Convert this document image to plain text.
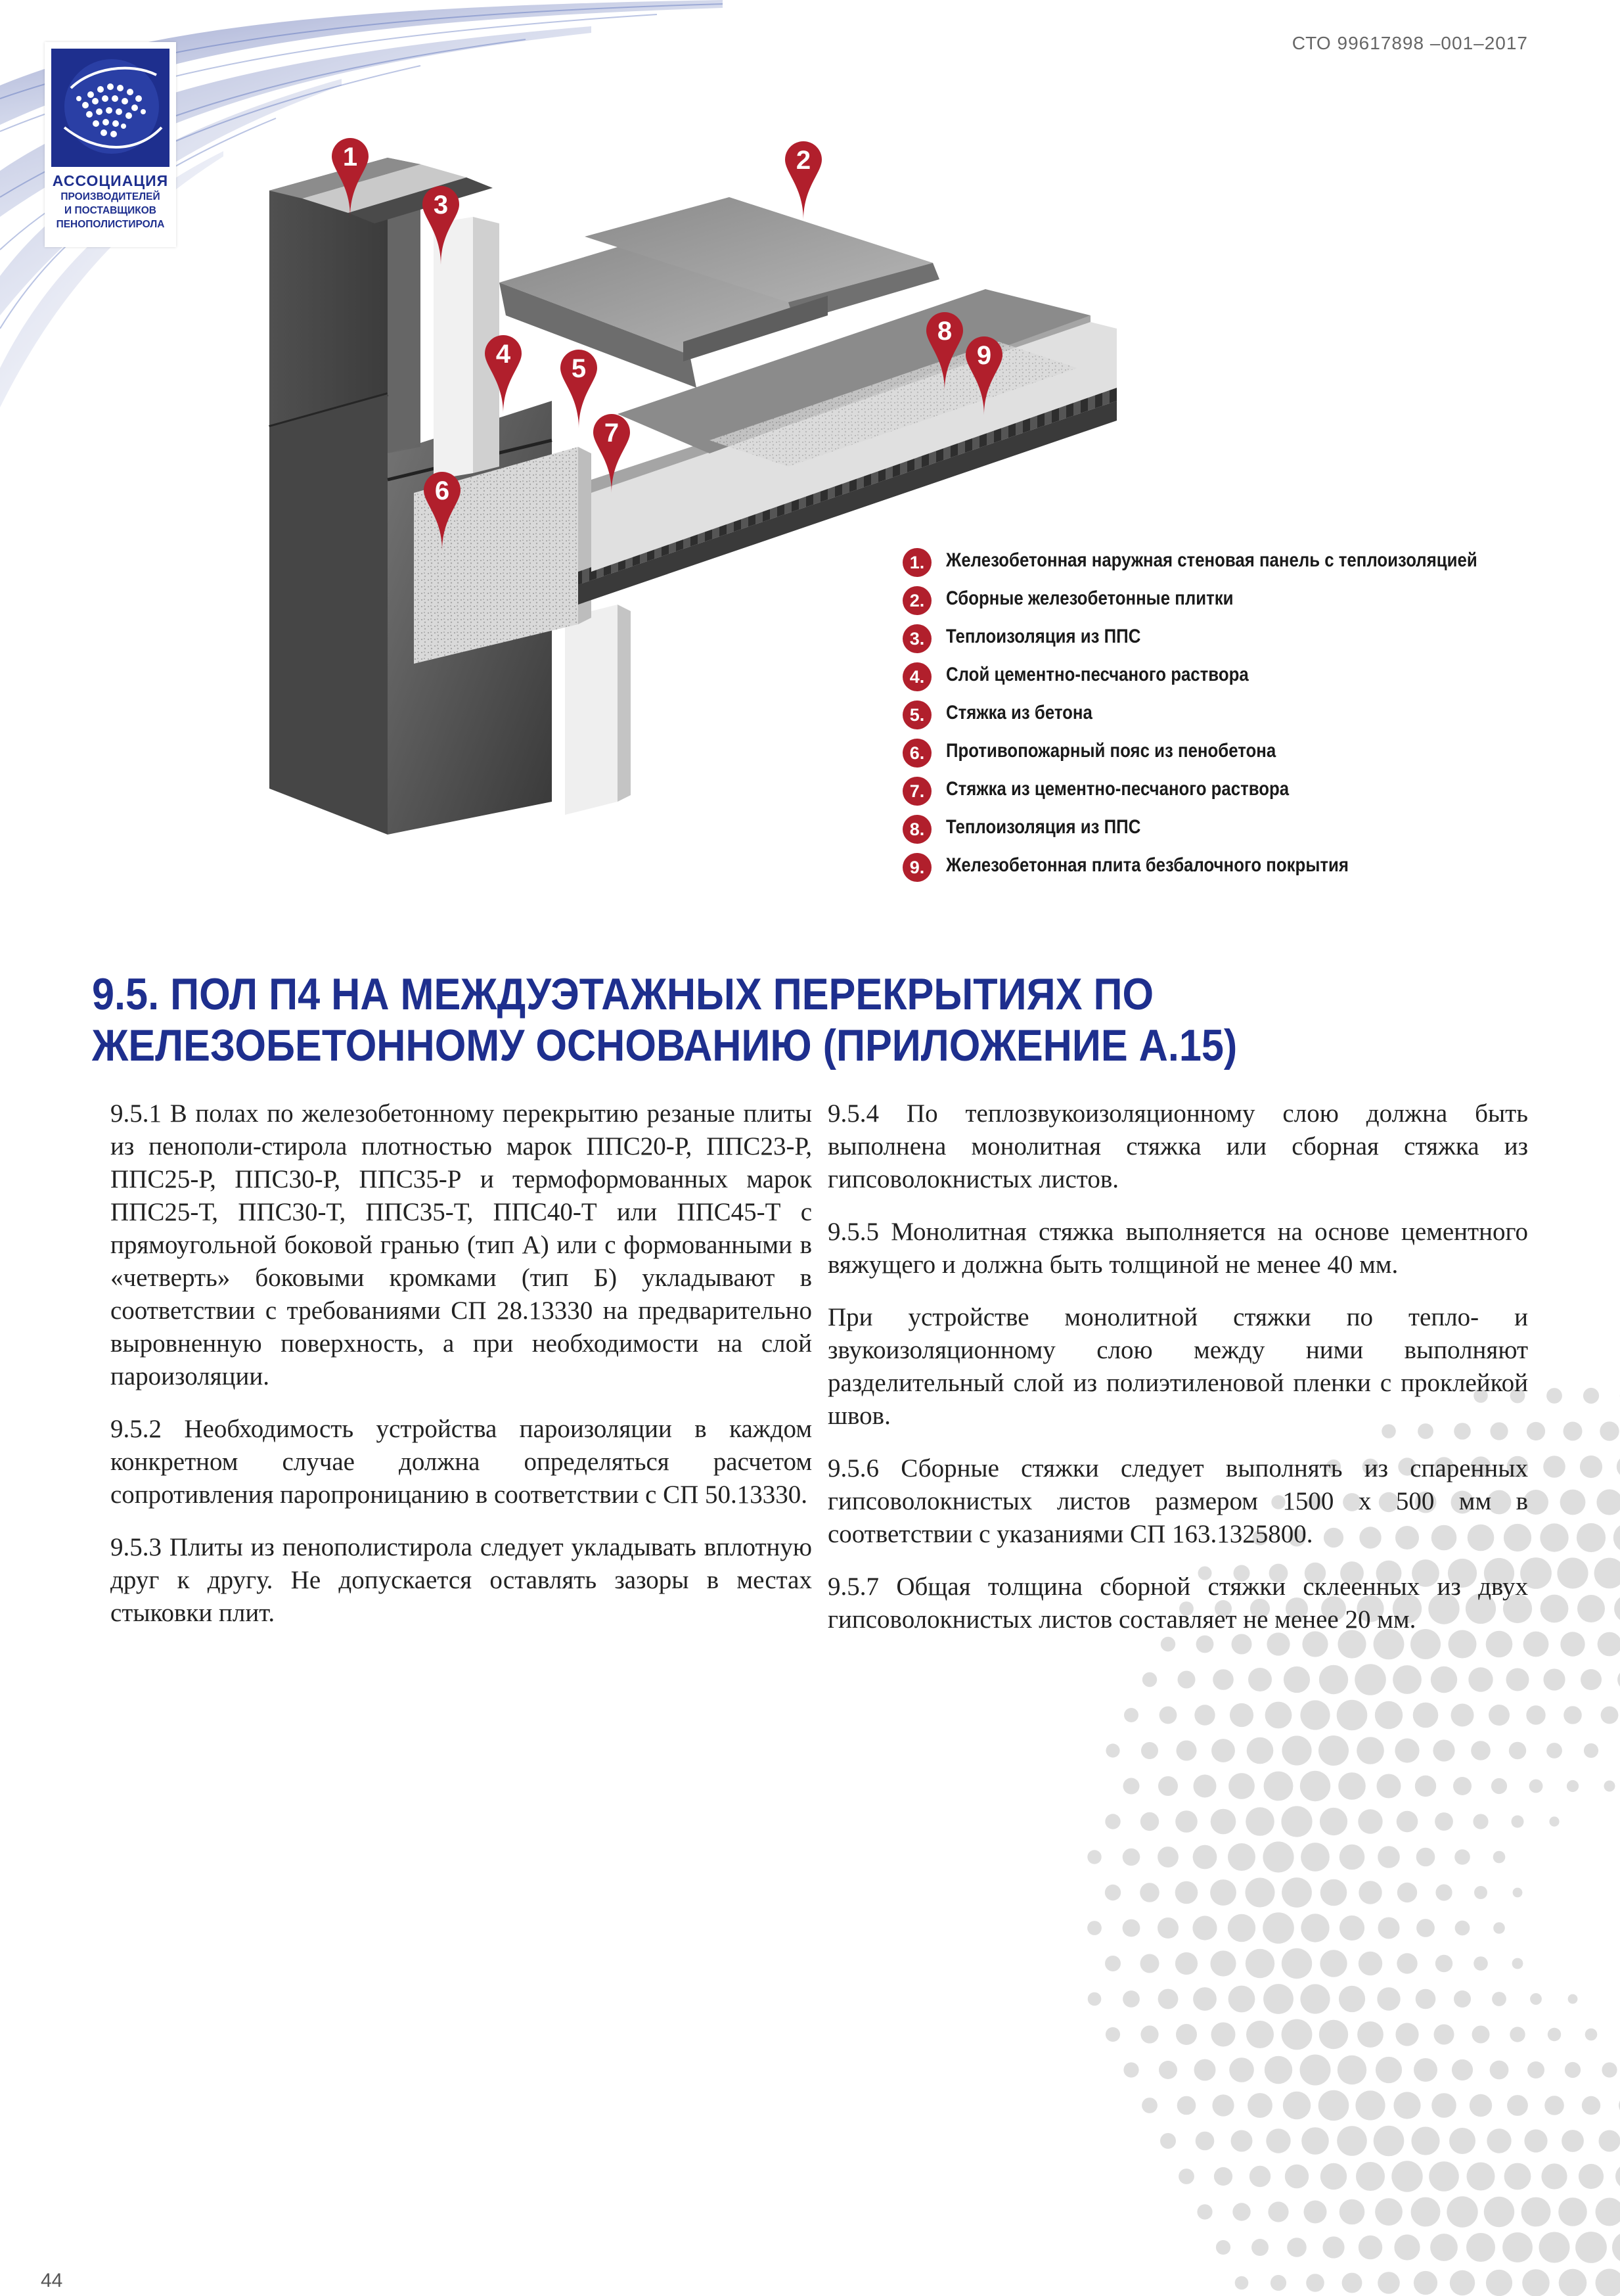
АССОЦИАЦИЯ
ПРОИЗВОДИТЕЛЕЙ
И ПОСТАВЩИКОВ
ПЕНОПОЛИСТИРОЛА
СТО 99617898 –001–2017
1	2
3
4 5
7
6
8
9
1.	Железобетонная наружная стеновая панель с теплоизоляцией
2.	Сборные железобетонные плитки
3.	Теплоизоляция из ППС
4.	Слой цементно-песчаного раствора
5.	Стяжка из бетона
6.	Противопожарный пояс из пенобетона
7.	Стяжка из цементно-песчаного раствора
8.	Теплоизоляция из ППС
9.	Железобетонная плита безбалочного покрытия
9.5. ПОЛ П4 НА МЕЖДУЭТАЖНЫХ ПЕРЕКРЫТИЯХ ПО
ЖЕЛЕЗОБЕТОННОМУ ОСНОВАНИЮ (ПРИЛОЖЕНИЕ А.15)

9.5.1 В полах по железобетонному перекрытию резаные плиты из пенополи-стирола плотностью марок ППС20-Р, ППС23-Р, ППС25-Р, ППС30-Р, ППС35-Р и термоформованных марок ППС25-Т, ППС30-Т, ППС35-Т, ППС40-Т или ППС45-Т с прямоугольной боковой гранью (тип А) или с формованными в «четверть» боковыми кромками (тип Б) укладывают в соответствии с требованиями СП 28.13330 на предварительно выровненную поверхность, а при необходимости на слой пароизоляции.

9.5.2 Необходимость устройства пароизоляции в каждом конкретном случае должна определяться расчетом сопротивления паропроницанию в соответствии с СП 50.13330.

9.5.3 Плиты из пенополистирола следует укладывать вплотную друг к другу. Не допускается оставлять зазоры в местах стыковки плит.

9.5.4 По теплозвукоизоляционному слою должна быть выполнена монолитная стяжка или сборная стяжка из гипсоволокнистых листов.

9.5.5 Монолитная стяжка выполняется на основе цементного вяжущего и должна быть толщиной не менее 40 мм.

При устройстве монолитной стяжки по тепло- и звукоизоляционному слою между ними выполняют разделительный слой из полиэтиленовой пленки с проклейкой швов.

9.5.6 Сборные стяжки следует выполнять из спаренных гипсоволокнистых листов размером 1500 х 500 мм в соответствии с указаниями СП 163.1325800.

9.5.7 Общая толщина сборной стяжки склеенных из двух гипсоволокнистых листов составляет не менее 20 мм.

44
